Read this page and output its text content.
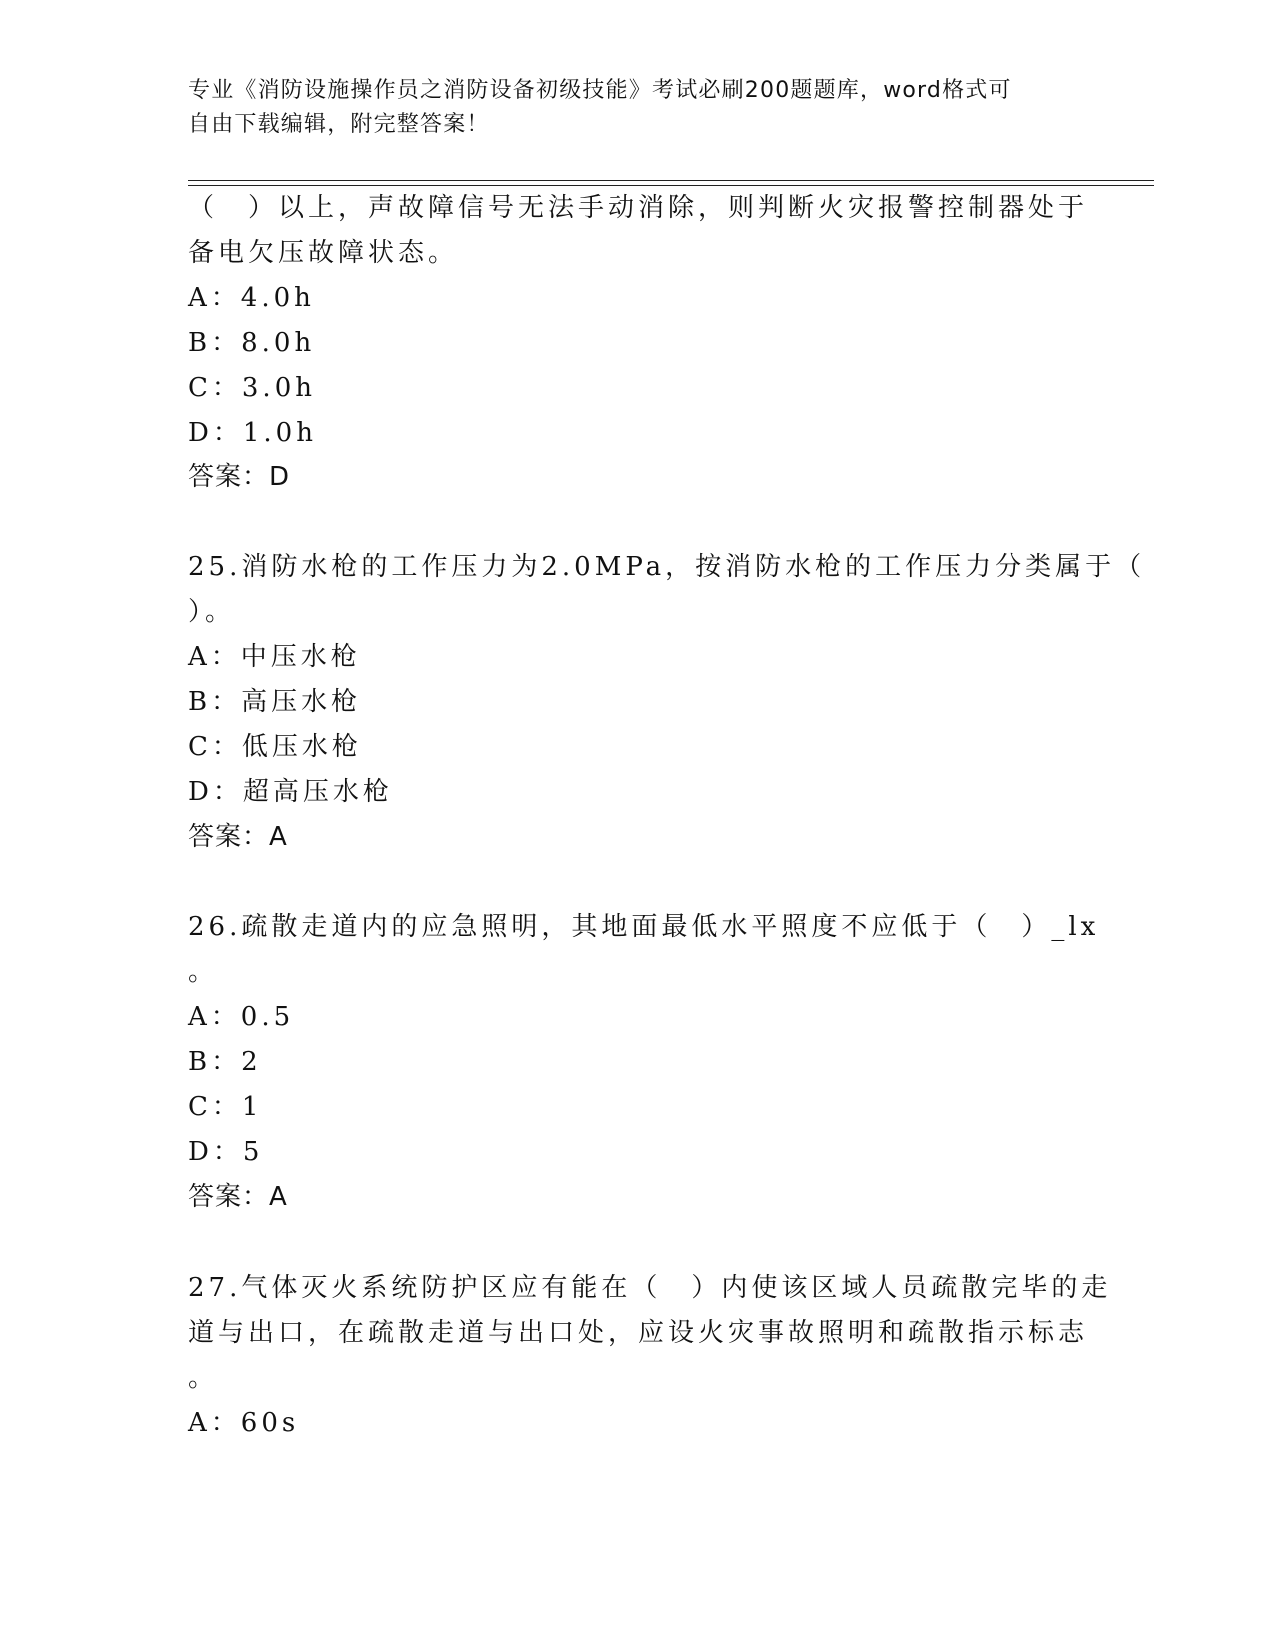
专业《消防设施操作员之消防设备初级技能》考试必刷200题题库，word格式可
自由下载编辑，附完整答案！
（　）以上，声故障信号无法手动消除，则判断火灾报警控制器处于
备电欠压故障状态。
A：4.0h
B：8.0h
C：3.0h
D：1.0h
答案：D
25.消防水枪的工作压力为2.0MPa，按消防水枪的工作压力分类属于（
）。
A：中压水枪
B：高压水枪
C：低压水枪
D：超高压水枪
答案：A
26.疏散走道内的应急照明，其地面最低水平照度不应低于（　）_lx
。
A：0.5
B：2
C：1
D：5
答案：A
27.气体灭火系统防护区应有能在（　）内使该区域人员疏散完毕的走
道与出口，在疏散走道与出口处，应设火灾事故照明和疏散指示标志
。
A：60s
